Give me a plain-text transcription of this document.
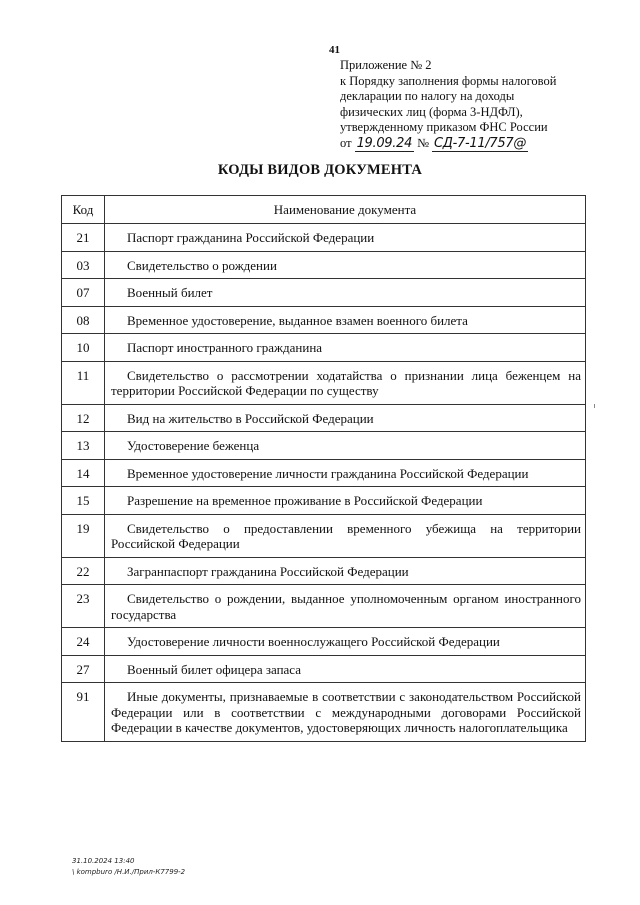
41
Приложение № 2
к Порядку заполнения формы налоговой
декларации по налогу на доходы
физических лиц (форма 3-НДФЛ),
утвержденному приказом ФНС России
от 19.09.24 № СД-7-11/757@
КОДЫ ВИДОВ ДОКУМЕНТА
Код	Наименование документа
21	Паспорт гражданина Российской Федерации
03	Свидетельство о рождении
07	Военный билет
08	Временное удостоверение, выданное взамен военного билета
10	Паспорт иностранного гражданина
11	Свидетельство о рассмотрении ходатайства о признании лица беженцем на территории Российской Федерации по существу
12	Вид на жительство в Российской Федерации
13	Удостоверение беженца
14	Временное удостоверение личности гражданина Российской Федерации
15	Разрешение на временное проживание в Российской Федерации
19	Свидетельство о предоставлении временного убежища на территории Российской Федерации
22	Загранпаспорт гражданина Российской Федерации
23	Свидетельство о рождении, выданное уполномоченным органом иностранного государства
24	Удостоверение личности военнослужащего Российской Федерации
27	Военный билет офицера запаса
91	Иные документы, признаваемые в соответствии с законодательством Российской Федерации или в соответствии с международными договорами Российской Федерации в качестве документов, удостоверяющих личность налогоплательщика
31.10.2024 13:40
\ kompburo /Н.И./Прил-К7799-2
